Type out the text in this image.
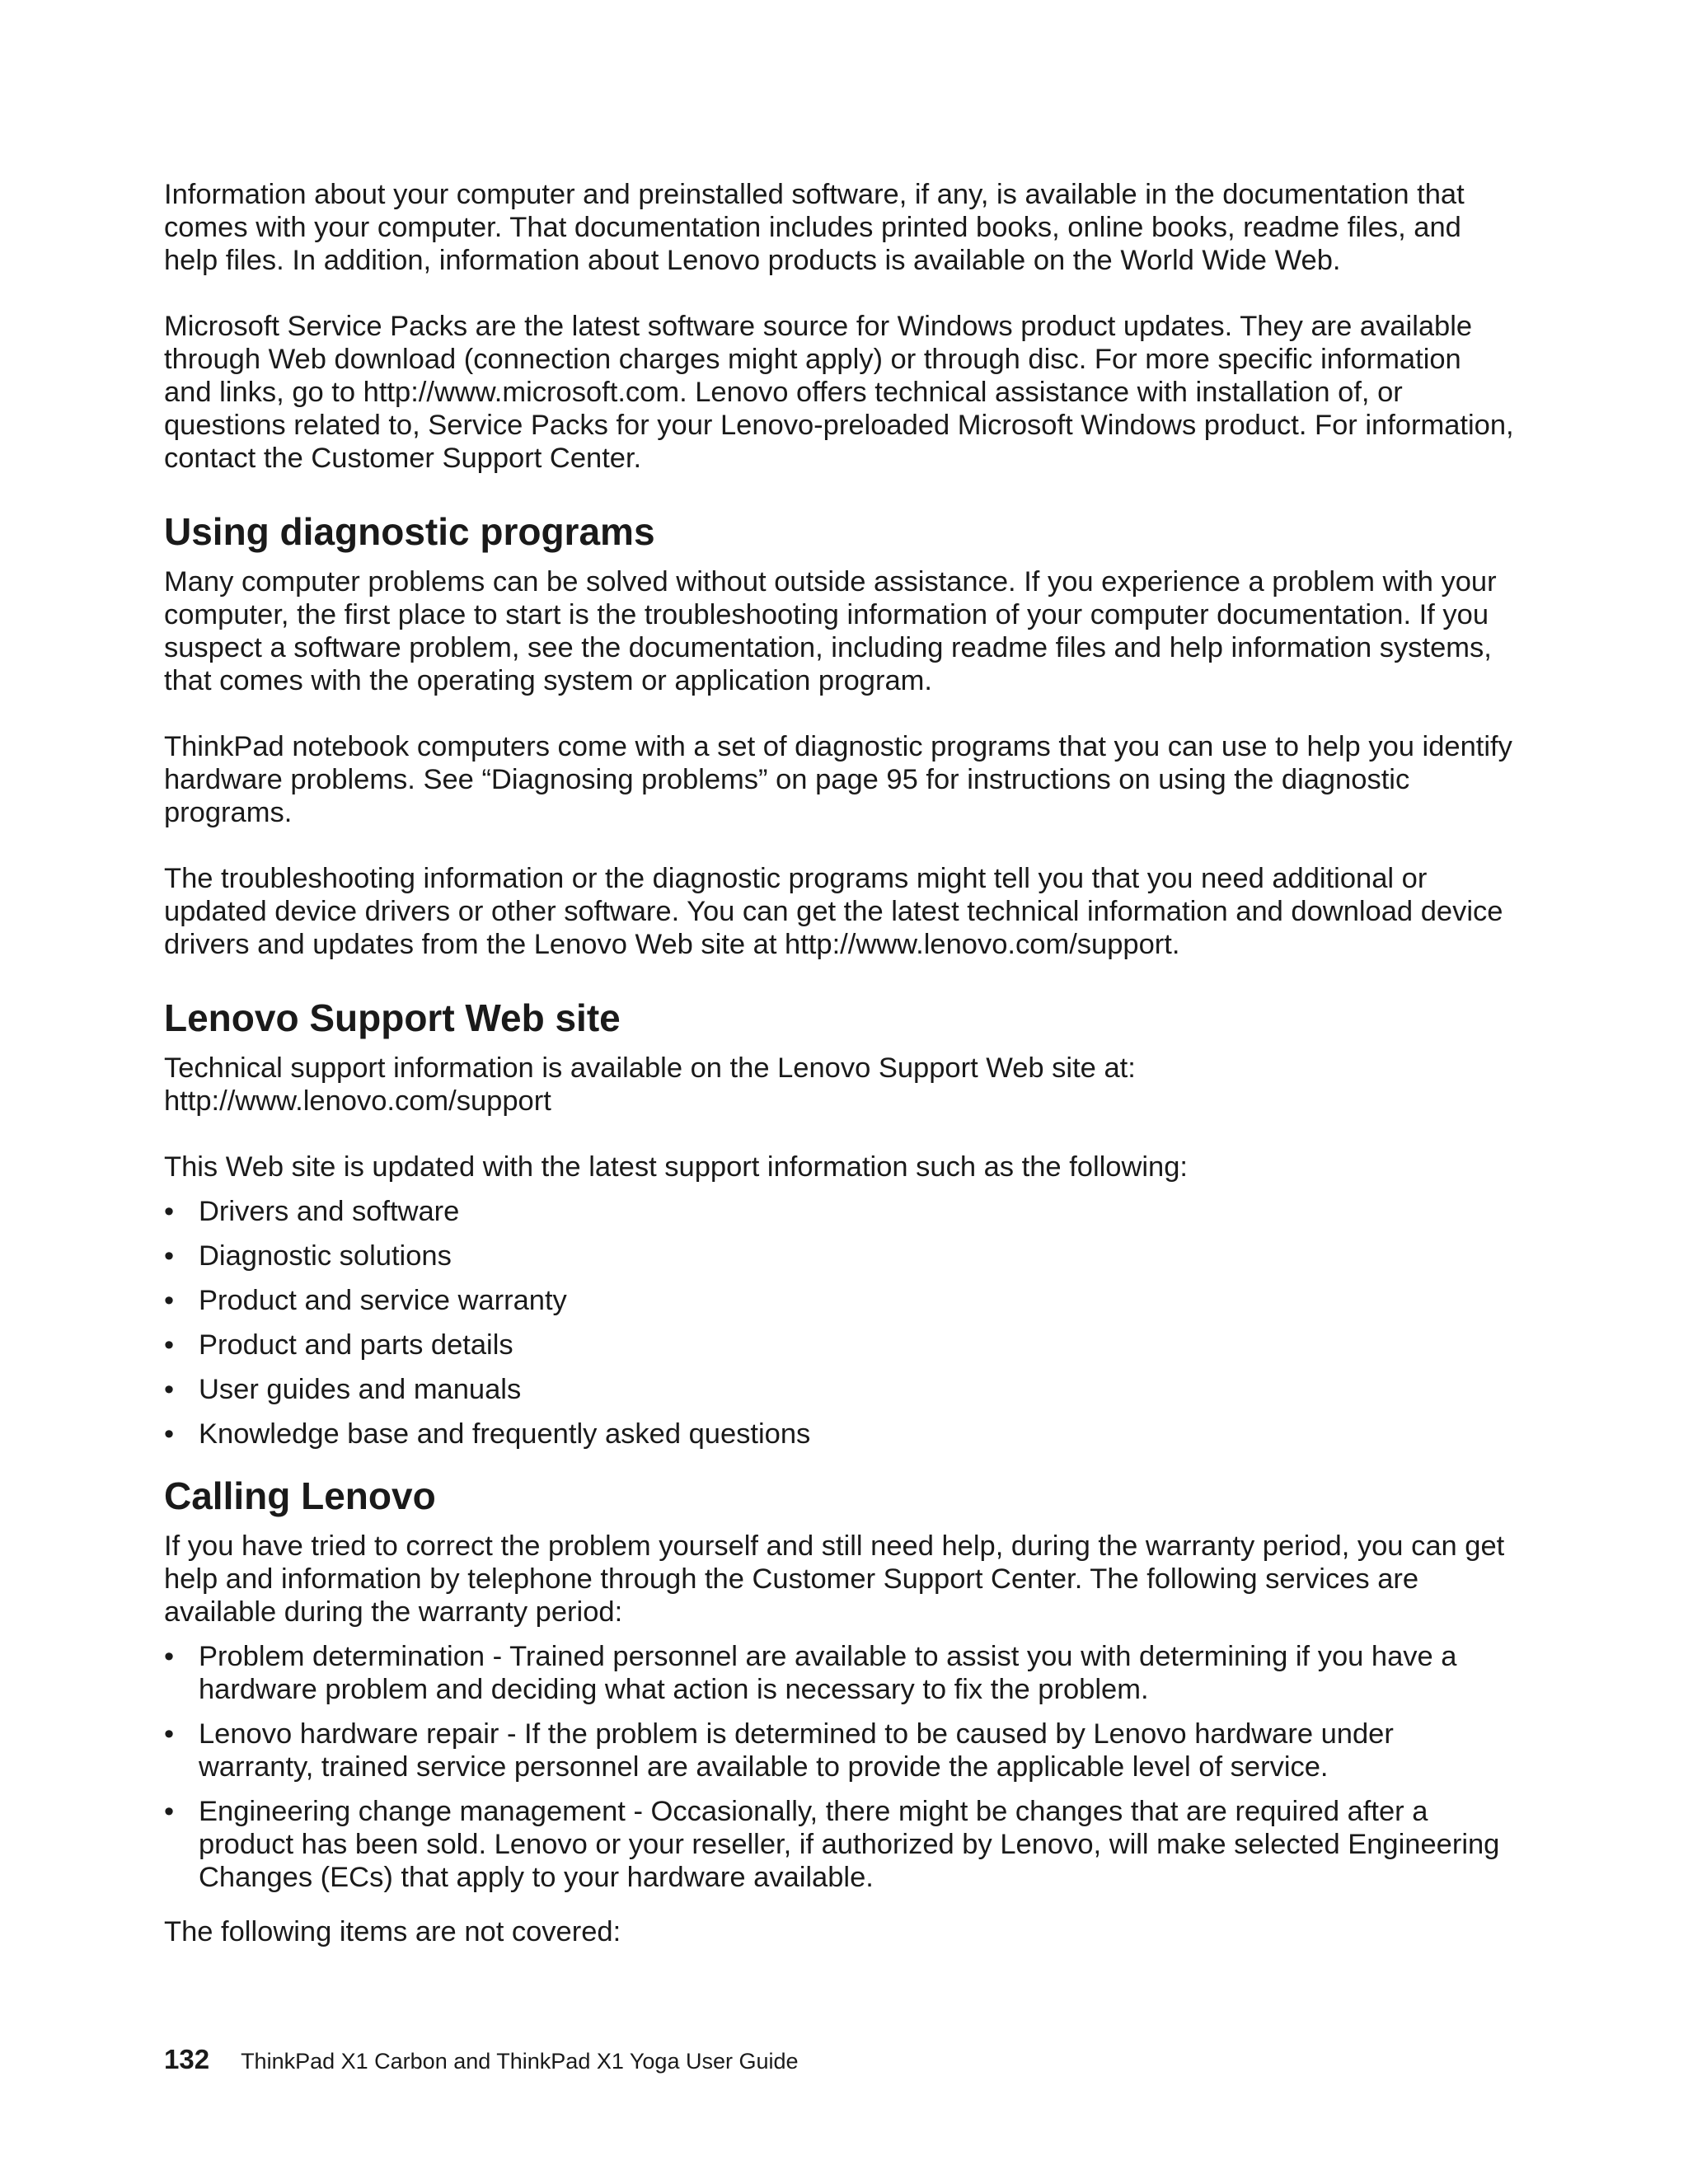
Information about your computer and preinstalled software, if any, is available in the documentation that comes with your computer. That documentation includes printed books, online books, readme files, and help files. In addition, information about Lenovo products is available on the World Wide Web.

Microsoft Service Packs are the latest software source for Windows product updates. They are available through Web download (connection charges might apply) or through disc. For more specific information and links, go to http://www.microsoft.com. Lenovo offers technical assistance with installation of, or questions related to, Service Packs for your Lenovo-preloaded Microsoft Windows product. For information, contact the Customer Support Center.

Using diagnostic programs

Many computer problems can be solved without outside assistance. If you experience a problem with your computer, the first place to start is the troubleshooting information of your computer documentation. If you suspect a software problem, see the documentation, including readme files and help information systems, that comes with the operating system or application program.

ThinkPad notebook computers come with a set of diagnostic programs that you can use to help you identify hardware problems. See “Diagnosing problems” on page 95 for instructions on using the diagnostic programs.

The troubleshooting information or the diagnostic programs might tell you that you need additional or updated device drivers or other software. You can get the latest technical information and download device drivers and updates from the Lenovo Web site at http://www.lenovo.com/support.

Lenovo Support Web site

Technical support information is available on the Lenovo Support Web site at:
http://www.lenovo.com/support

This Web site is updated with the latest support information such as the following:

• Drivers and software
• Diagnostic solutions
• Product and service warranty
• Product and parts details
• User guides and manuals
• Knowledge base and frequently asked questions
Calling Lenovo

If you have tried to correct the problem yourself and still need help, during the warranty period, you can get help and information by telephone through the Customer Support Center. The following services are available during the warranty period:

• Problem determination - Trained personnel are available to assist you with determining if you have a hardware problem and deciding what action is necessary to fix the problem.
• Lenovo hardware repair - If the problem is determined to be caused by Lenovo hardware under warranty, trained service personnel are available to provide the applicable level of service.
• Engineering change management - Occasionally, there might be changes that are required after a product has been sold. Lenovo or your reseller, if authorized by Lenovo, will make selected Engineering Changes (ECs) that apply to your hardware available.

The following items are not covered:

132 ThinkPad X1 Carbon and ThinkPad X1 Yoga User Guide
